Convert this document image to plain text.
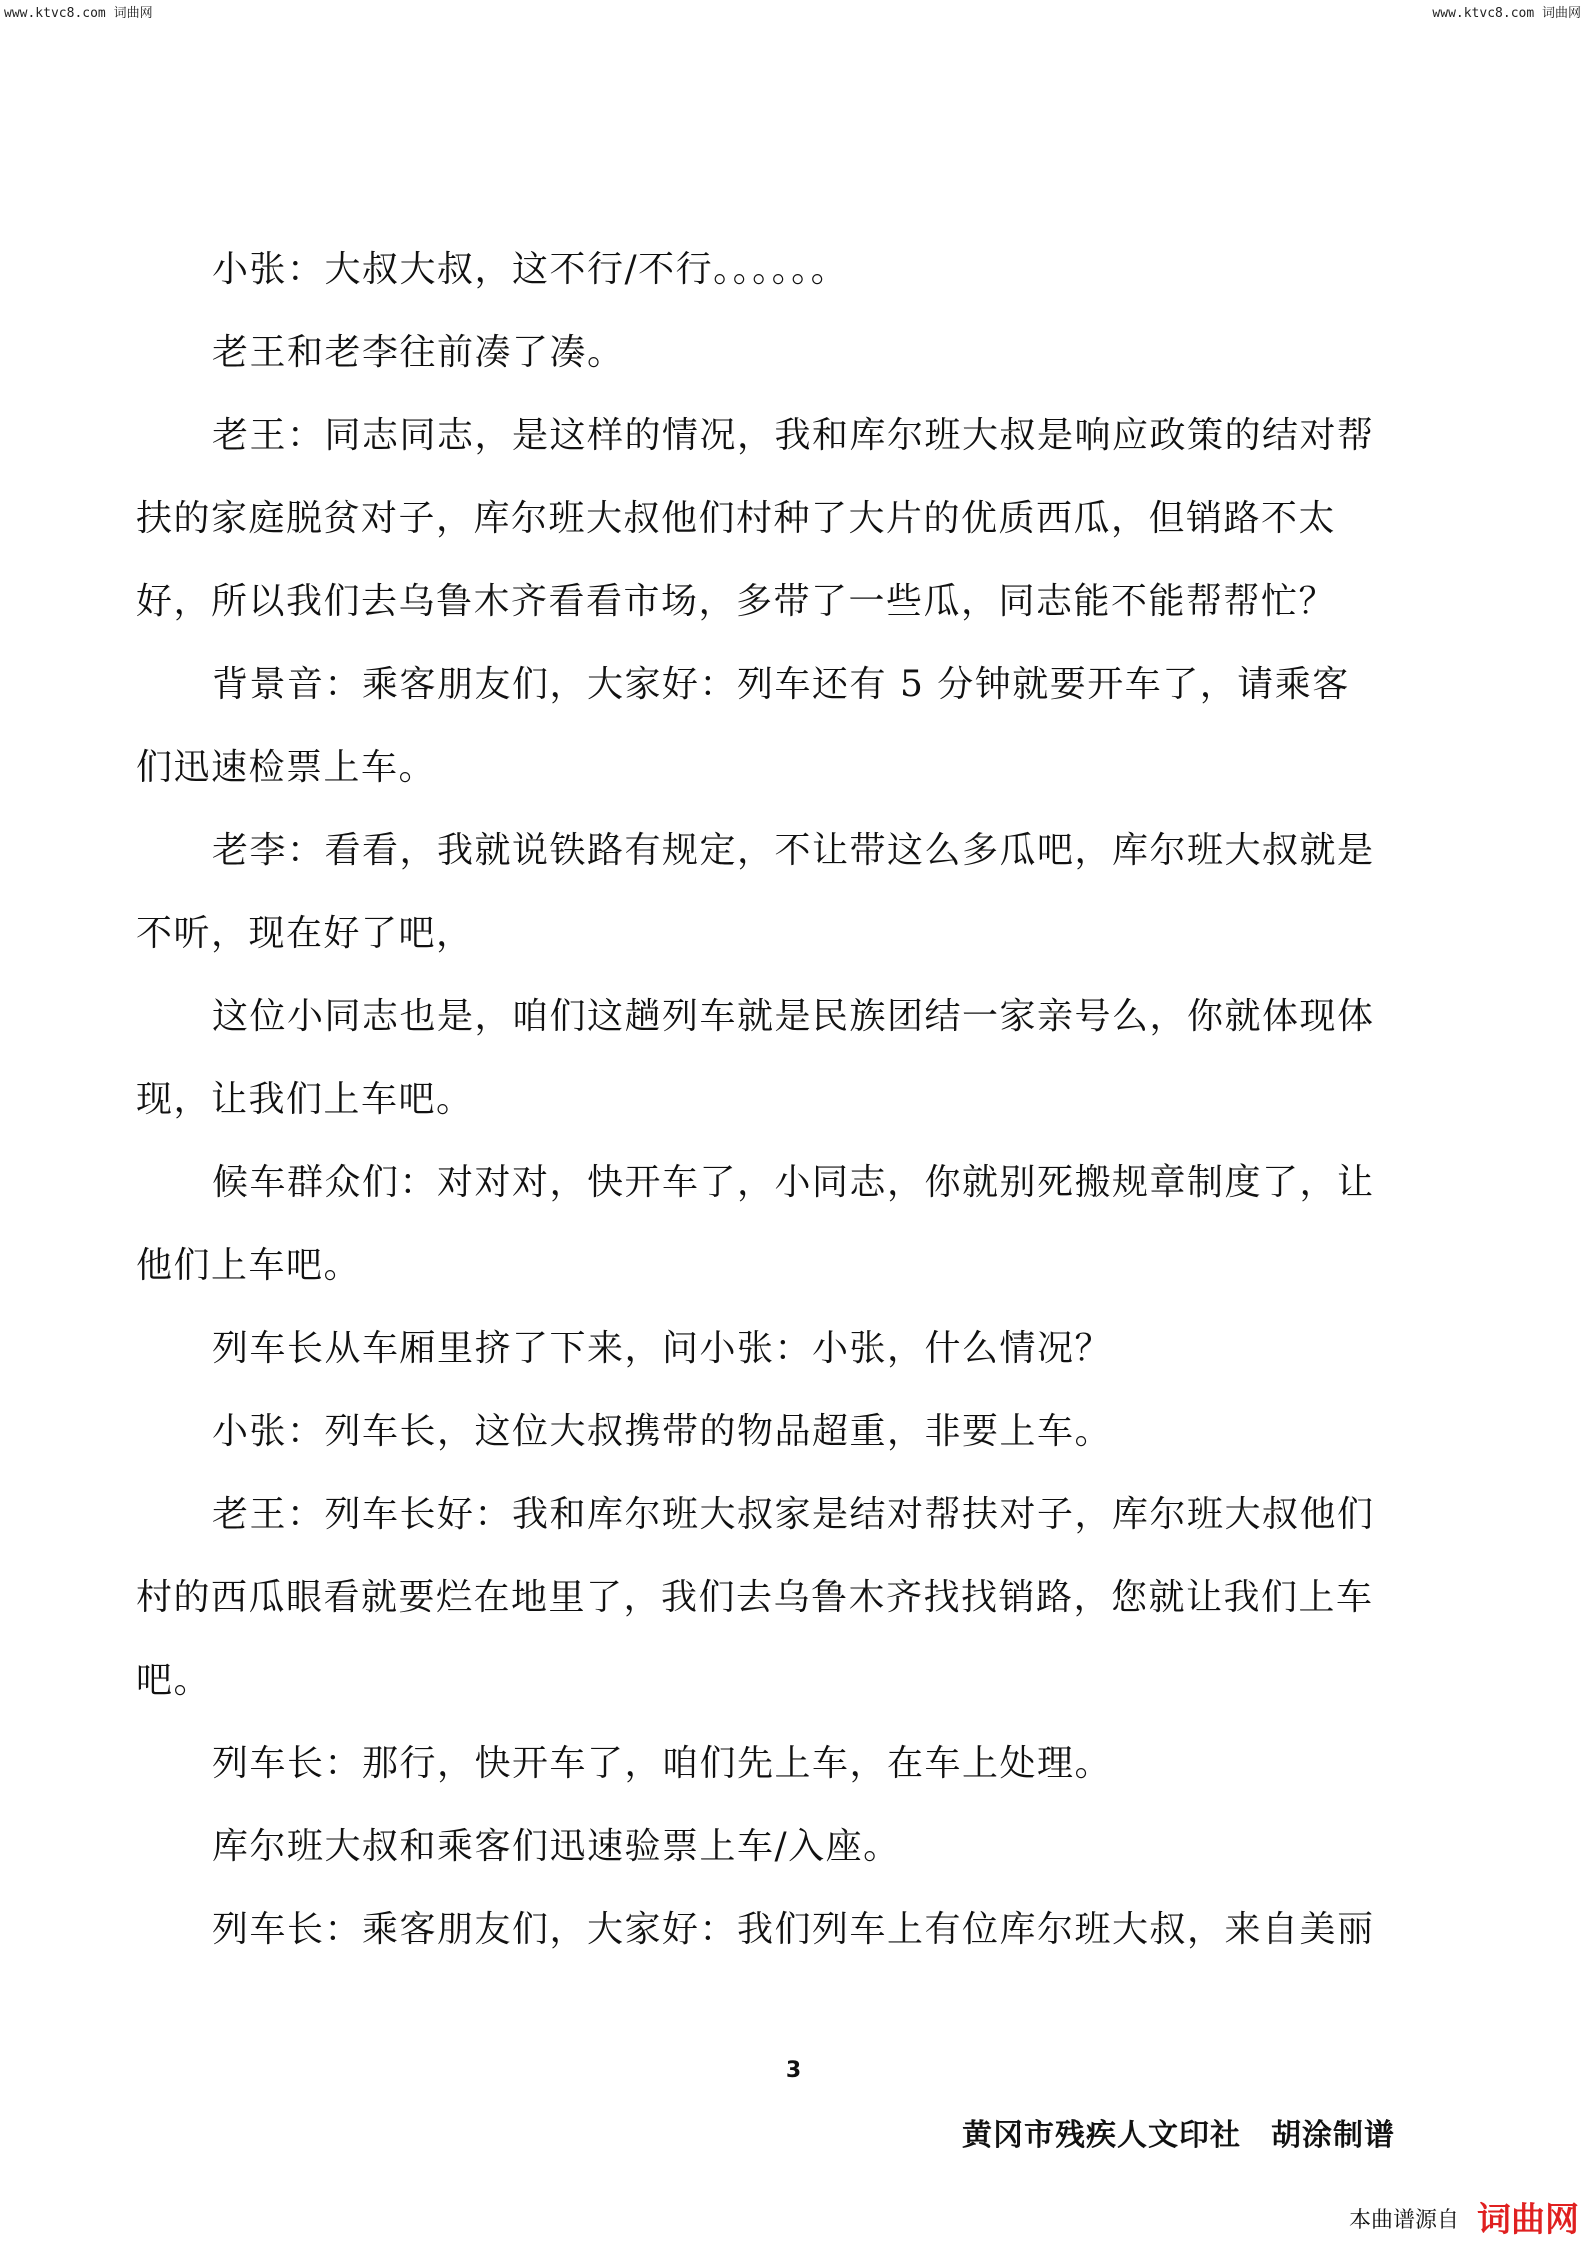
www.ktvc8.com 词曲网	www.ktvc8.com 词曲网

小张：大叔大叔，这不行/不行。。。。。。

老王和老李往前凑了凑。

老王：同志同志，是这样的情况，我和库尔班大叔是响应政策的结对帮扶的家庭脱贫对子，库尔班大叔他们村种了大片的优质西瓜，但销路不太好，所以我们去乌鲁木齐看看市场，多带了一些瓜，同志能不能帮帮忙？

背景音：乘客朋友们，大家好：列车还有 5 分钟就要开车了，请乘客们迅速检票上车。

老李：看看，我就说铁路有规定，不让带这么多瓜吧，库尔班大叔就是不听，现在好了吧，

这位小同志也是，咱们这趟列车就是民族团结一家亲号么，你就体现体现，让我们上车吧。

候车群众们：对对对，快开车了，小同志，你就别死搬规章制度了，让他们上车吧。

列车长从车厢里挤了下来，问小张：小张，什么情况？

小张：列车长，这位大叔携带的物品超重，非要上车。

老王：列车长好：我和库尔班大叔家是结对帮扶对子，库尔班大叔他们村的西瓜眼看就要烂在地里了，我们去乌鲁木齐找找销路，您就让我们上车吧。

列车长：那行，快开车了，咱们先上车，在车上处理。

库尔班大叔和乘客们迅速验票上车/入座。

列车长：乘客朋友们，大家好：我们列车上有位库尔班大叔，来自美丽

3
黄冈市残疾人文印社 胡涂制谱
本曲谱源自 词曲网
